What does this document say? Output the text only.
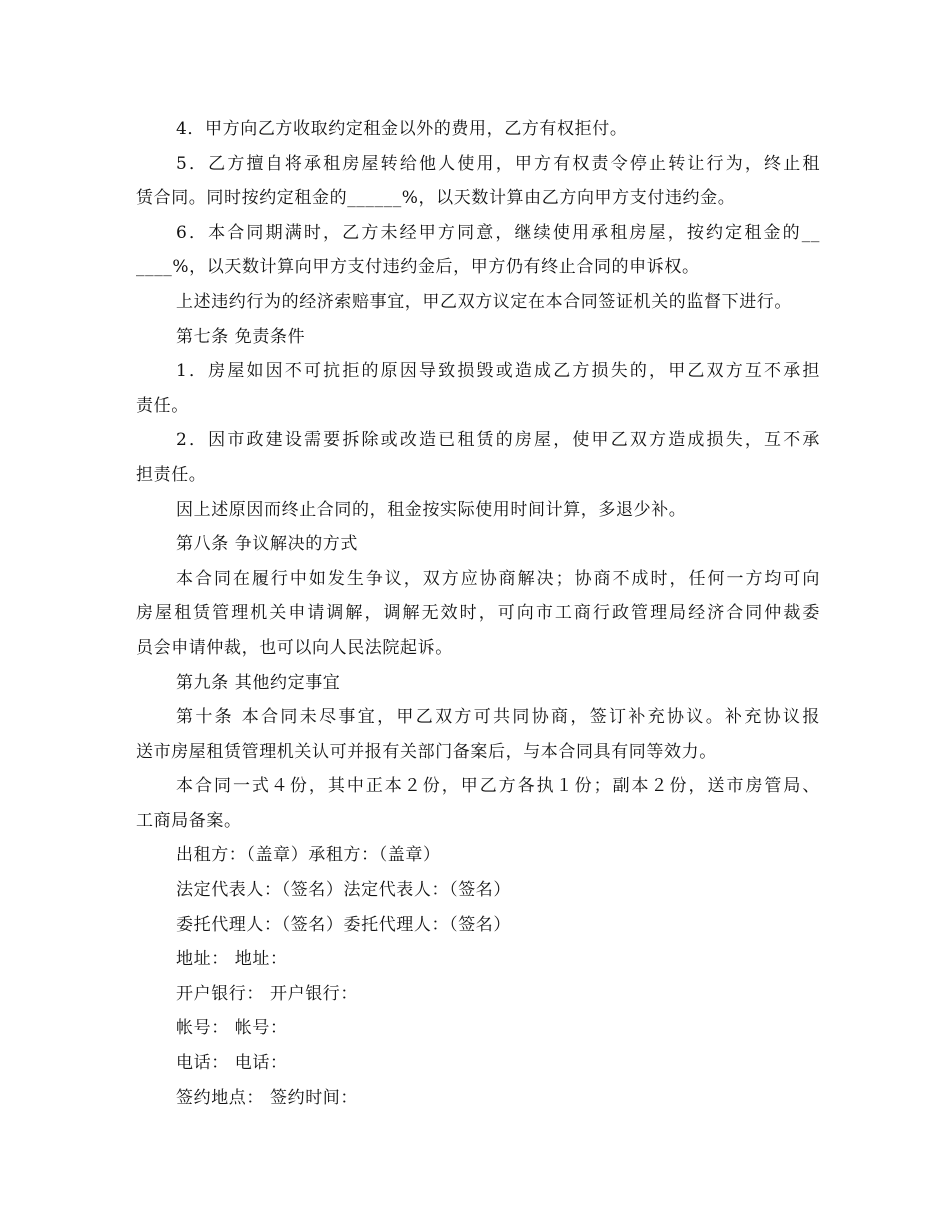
4．甲方向乙方收取约定租金以外的费用，乙方有权拒付。
5．乙方擅自将承租房屋转给他人使用，甲方有权责令停止转让行为，终止租
赁合同。同时按约定租金的______%，以天数计算由乙方向甲方支付违约金。
6．本合同期满时，乙方未经甲方同意，继续使用承租房屋，按约定租金的__
____%，以天数计算向甲方支付违约金后，甲方仍有终止合同的申诉权。
上述违约行为的经济索赔事宜，甲乙双方议定在本合同签证机关的监督下进行。
第七条 免责条件
1．房屋如因不可抗拒的原因导致损毁或造成乙方损失的，甲乙双方互不承担
责任。
2．因市政建设需要拆除或改造已租赁的房屋，使甲乙双方造成损失，互不承
担责任。
因上述原因而终止合同的，租金按实际使用时间计算，多退少补。
第八条 争议解决的方式
本合同在履行中如发生争议，双方应协商解决；协商不成时，任何一方均可向
房屋租赁管理机关申请调解，调解无效时，可向市工商行政管理局经济合同仲裁委
员会申请仲裁，也可以向人民法院起诉。
第九条 其他约定事宜
第十条 本合同未尽事宜，甲乙双方可共同协商，签订补充协议。补充协议报
送市房屋租赁管理机关认可并报有关部门备案后，与本合同具有同等效力。
本合同一式４份，其中正本２份，甲乙方各执１份；副本２份，送市房管局、
工商局备案。
出租方：（盖章）承租方：（盖章）
法定代表人：（签名）法定代表人：（签名）
委托代理人：（签名）委托代理人：（签名）
地址： 地址：
开户银行： 开户银行：
帐号： 帐号：
电话： 电话：
签约地点： 签约时间：
